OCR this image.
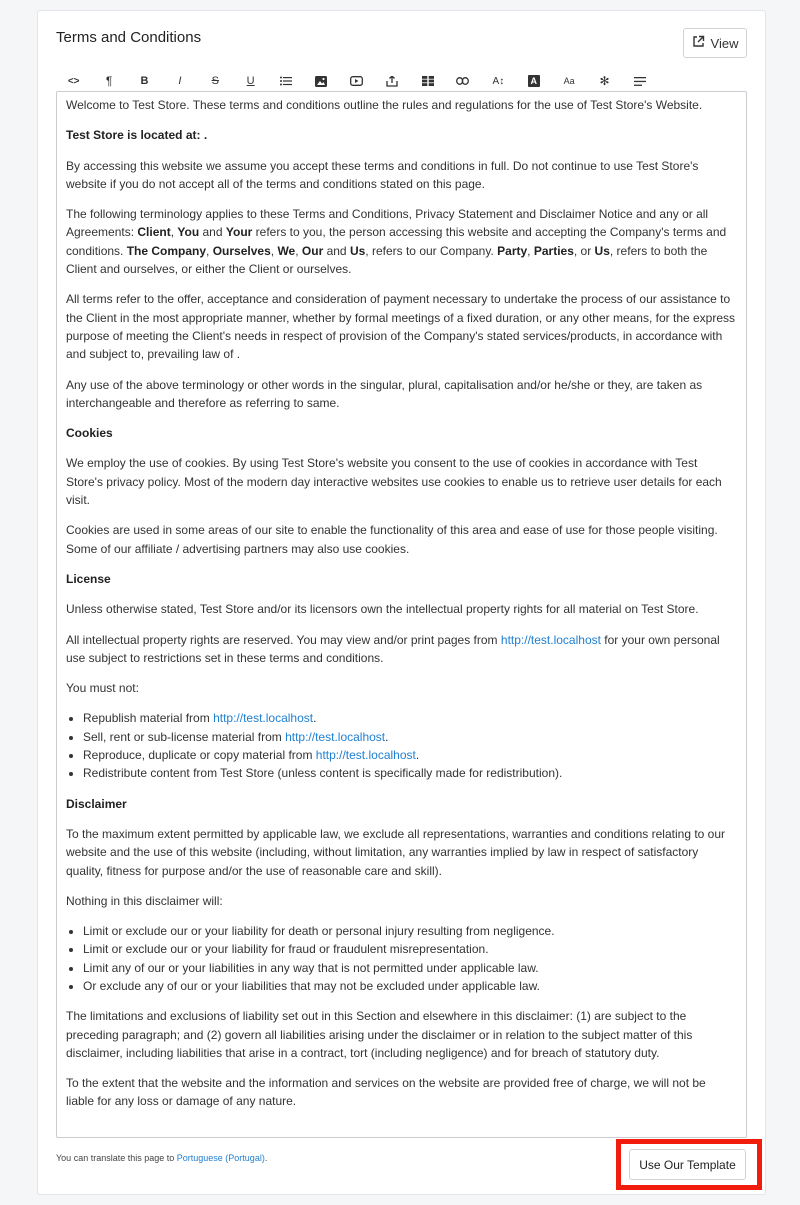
Terms and Conditions	View
<>	¶	B	I	S	U	A↕	A	Aa	✻

Welcome to Test Store. These terms and conditions outline the rules and regulations for the use of Test Store's Website.

Test Store is located at: .

By accessing this website we assume you accept these terms and conditions in full. Do not continue to use Test Store's website if you do not accept all of the terms and conditions stated on this page.

The following terminology applies to these Terms and Conditions, Privacy Statement and Disclaimer Notice and any or all Agreements: Client, You and Your refers to you, the person accessing this website and accepting the Company's terms and conditions. The Company, Ourselves, We, Our and Us, refers to our Company. Party, Parties, or Us, refers to both the Client and ourselves, or either the Client or ourselves.

All terms refer to the offer, acceptance and consideration of payment necessary to undertake the process of our assistance to the Client in the most appropriate manner, whether by formal meetings of a fixed duration, or any other means, for the express purpose of meeting the Client's needs in respect of provision of the Company's stated services/products, in accordance with and subject to, prevailing law of .

Any use of the above terminology or other words in the singular, plural, capitalisation and/or he/she or they, are taken as interchangeable and therefore as referring to same.

Cookies

We employ the use of cookies. By using Test Store's website you consent to the use of cookies in accordance with Test Store's privacy policy. Most of the modern day interactive websites use cookies to enable us to retrieve user details for each visit.

Cookies are used in some areas of our site to enable the functionality of this area and ease of use for those people visiting. Some of our affiliate / advertising partners may also use cookies.

License

Unless otherwise stated, Test Store and/or its licensors own the intellectual property rights for all material on Test Store.

All intellectual property rights are reserved. You may view and/or print pages from http://test.localhost for your own personal use subject to restrictions set in these terms and conditions.

You must not:

• Republish material from http://test.localhost.
• Sell, rent or sub-license material from http://test.localhost.
• Reproduce, duplicate or copy material from http://test.localhost.
• Redistribute content from Test Store (unless content is specifically made for redistribution).

Disclaimer

To the maximum extent permitted by applicable law, we exclude all representations, warranties and conditions relating to our website and the use of this website (including, without limitation, any warranties implied by law in respect of satisfactory quality, fitness for purpose and/or the use of reasonable care and skill).

Nothing in this disclaimer will:

• Limit or exclude our or your liability for death or personal injury resulting from negligence.
• Limit or exclude our or your liability for fraud or fraudulent misrepresentation.
• Limit any of our or your liabilities in any way that is not permitted under applicable law.
• Or exclude any of our or your liabilities that may not be excluded under applicable law.

The limitations and exclusions of liability set out in this Section and elsewhere in this disclaimer: (1) are subject to the preceding paragraph; and (2) govern all liabilities arising under the disclaimer or in relation to the subject matter of this disclaimer, including liabilities that arise in a contract, tort (including negligence) and for breach of statutory duty.

To the extent that the website and the information and services on the website are provided free of charge, we will not be liable for any loss or damage of any nature.

You can translate this page to Portuguese (Portugal).	Use Our Template
